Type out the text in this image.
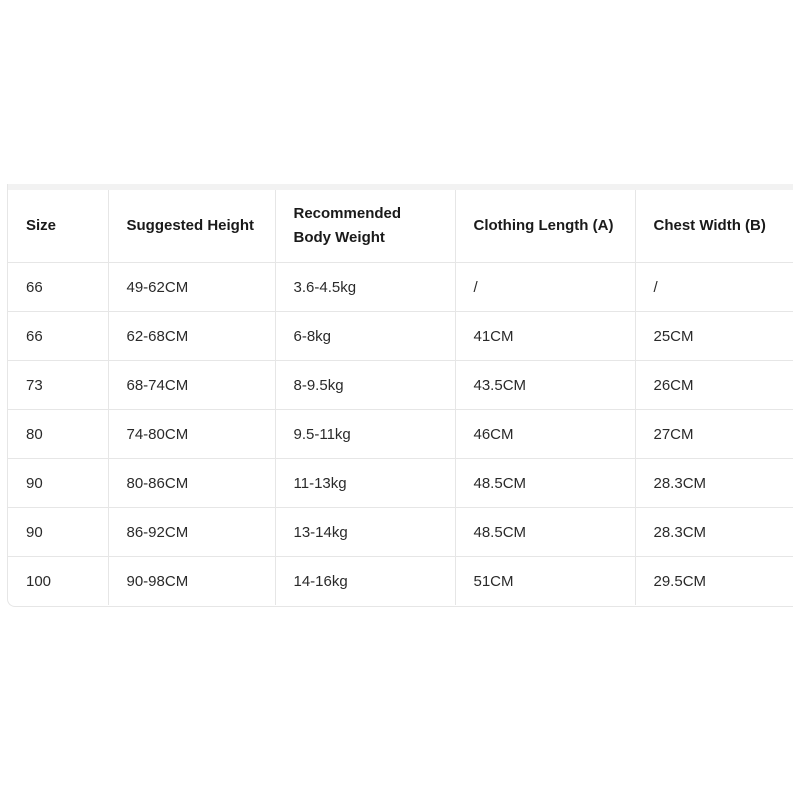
Size	Suggested Height	Recommended Body Weight	Clothing Length (A)	Chest Width (B)
66	49-62CM	3.6-4.5kg	/	/
66	62-68CM	6-8kg	41CM	25CM
73	68-74CM	8-9.5kg	43.5CM	26CM
80	74-80CM	9.5-11kg	46CM	27CM
90	80-86CM	11-13kg	48.5CM	28.3CM
90	86-92CM	13-14kg	48.5CM	28.3CM
100	90-98CM	14-16kg	51CM	29.5CM
